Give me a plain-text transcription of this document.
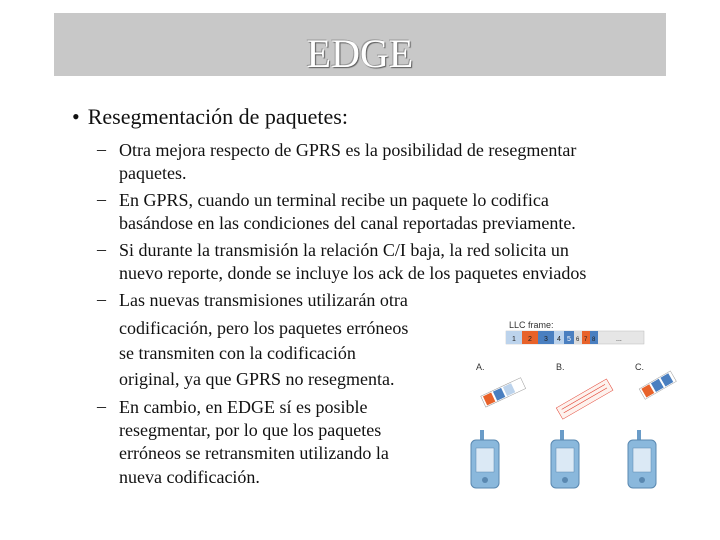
EDGE
• Resegmentación de paquetes:
– Otra mejora respecto de GPRS es la posibilidad de resegmentar
paquetes.
– En GPRS, cuando un terminal recibe un paquete lo codifica
basándose en las condiciones del canal reportadas previamente.
– Si durante la transmisión la relación C/I baja, la red solicita un
nuevo reporte, donde se incluye los ack de los paquetes enviados
– Las nuevas transmisiones utilizarán otra
codificación, pero los paquetes erróneos
se transmiten con la codificación
original, ya que GPRS no resegmenta.
– En cambio, en EDGE sí es posible
resegmentar, por lo que los paquetes
erróneos se retransmiten utilizando la
nueva codificación.
LLC frame:
1 2 3 4 5 6 7 8	...
A.	B.	C.
